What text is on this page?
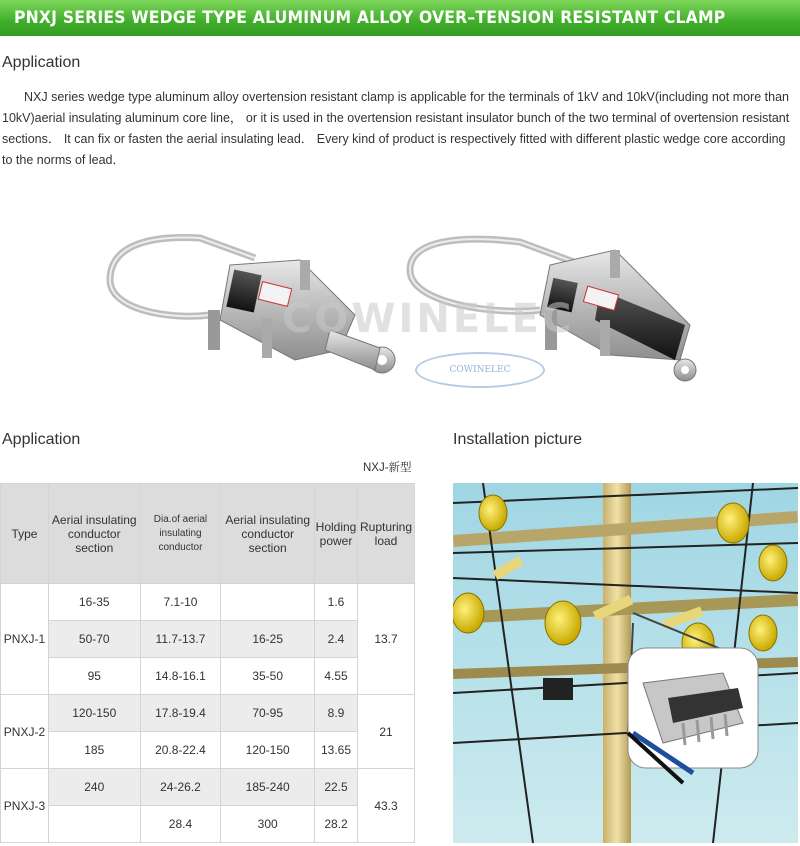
PNXJ SERIES WEDGE TYPE ALUMINUM ALLOY OVER–TENSION RESISTANT CLAMP
Application

NXJ series wedge type aluminum alloy overtension resistant clamp is applicable for the terminals of 1kV and 10kV(including not more than 10kV)aerial insulating aluminum core line， or it is used in the overtension resistant insulator bunch of the two terminal of overtension resistant sections． It can fix or fasten the aerial insulating lead． Every kind of product is respectively fitted with different plastic wedge core according to the norms of lead．

COWINELEC
COWINELEC
Application	Installation picture
NXJ-新型
Type	Aerial insulating conductor section	Dia.of aerial insulating conductor	Aerial insulating conductor section	Holding power	Rupturing load
PNXJ-1	16-35	7.1-10		1.6	13.7
	50-70	11.7-13.7	16-25	2.4	
	95	14.8-16.1	35-50	4.55	
PNXJ-2	120-150	17.8-19.4	70-95	8.9	21
	185	20.8-22.4	120-150	13.65	
PNXJ-3	240	24-26.2	185-240	22.5	43.3
		28.4	300	28.2	
